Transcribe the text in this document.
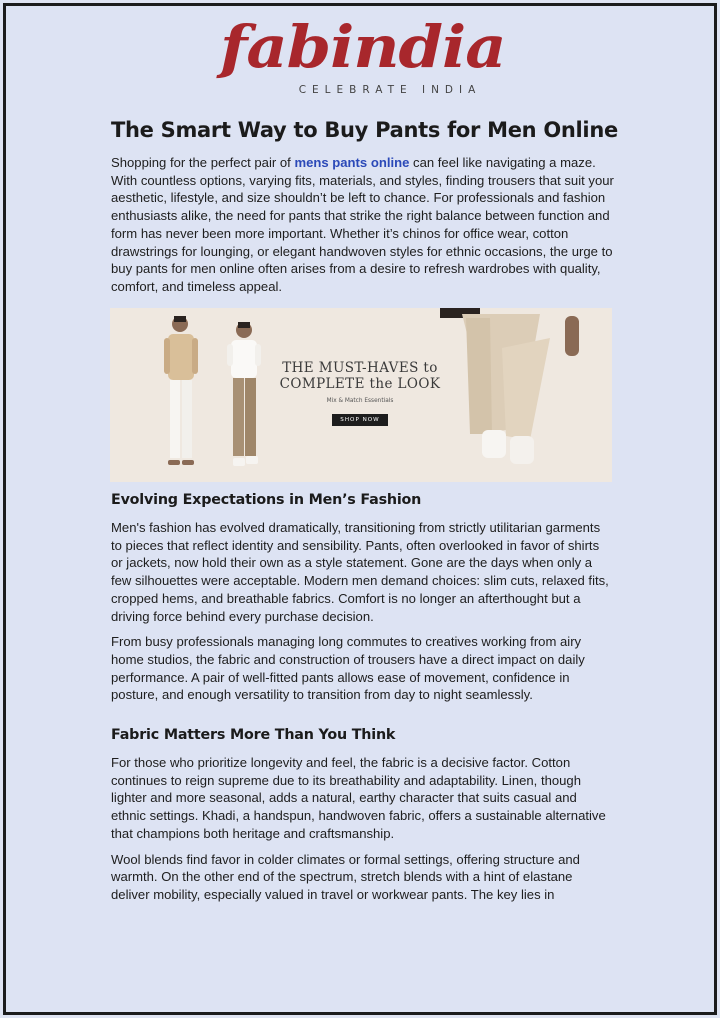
fabindia
CELEBRATE INDIA
The Smart Way to Buy Pants for Men Online

Shopping for the perfect pair of mens pants online can feel like navigating a maze. With countless options, varying fits, materials, and styles, finding trousers that suit your aesthetic, lifestyle, and size shouldn’t be left to chance. For professionals and fashion enthusiasts alike, the need for pants that strike the right balance between function and form has never been more important. Whether it’s chinos for office wear, cotton drawstrings for lounging, or elegant handwoven styles for ethnic occasions, the urge to buy pants for men online often arises from a desire to refresh wardrobes with quality, comfort, and timeless appeal.

THE MUST-HAVES to
COMPLETE the LOOK
Mix & Match Essentials
SHOP NOW
Evolving Expectations in Men’s Fashion

Men's fashion has evolved dramatically, transitioning from strictly utilitarian garments to pieces that reflect identity and sensibility. Pants, often overlooked in favor of shirts or jackets, now hold their own as a style statement. Gone are the days when only a few silhouettes were acceptable. Modern men demand choices: slim cuts, relaxed fits, cropped hems, and breathable fabrics. Comfort is no longer an afterthought but a driving force behind every purchase decision.

From busy professionals managing long commutes to creatives working from airy home studios, the fabric and construction of trousers have a direct impact on daily performance. A pair of well-fitted pants allows ease of movement, confidence in posture, and enough versatility to transition from day to night seamlessly.

Fabric Matters More Than You Think

For those who prioritize longevity and feel, the fabric is a decisive factor. Cotton continues to reign supreme due to its breathability and adaptability. Linen, though lighter and more seasonal, adds a natural, earthy character that suits casual and ethnic settings. Khadi, a handspun, handwoven fabric, offers a sustainable alternative that champions both heritage and craftsmanship.

Wool blends find favor in colder climates or formal settings, offering structure and warmth. On the other end of the spectrum, stretch blends with a hint of elastane deliver mobility, especially valued in travel or workwear pants. The key lies in
